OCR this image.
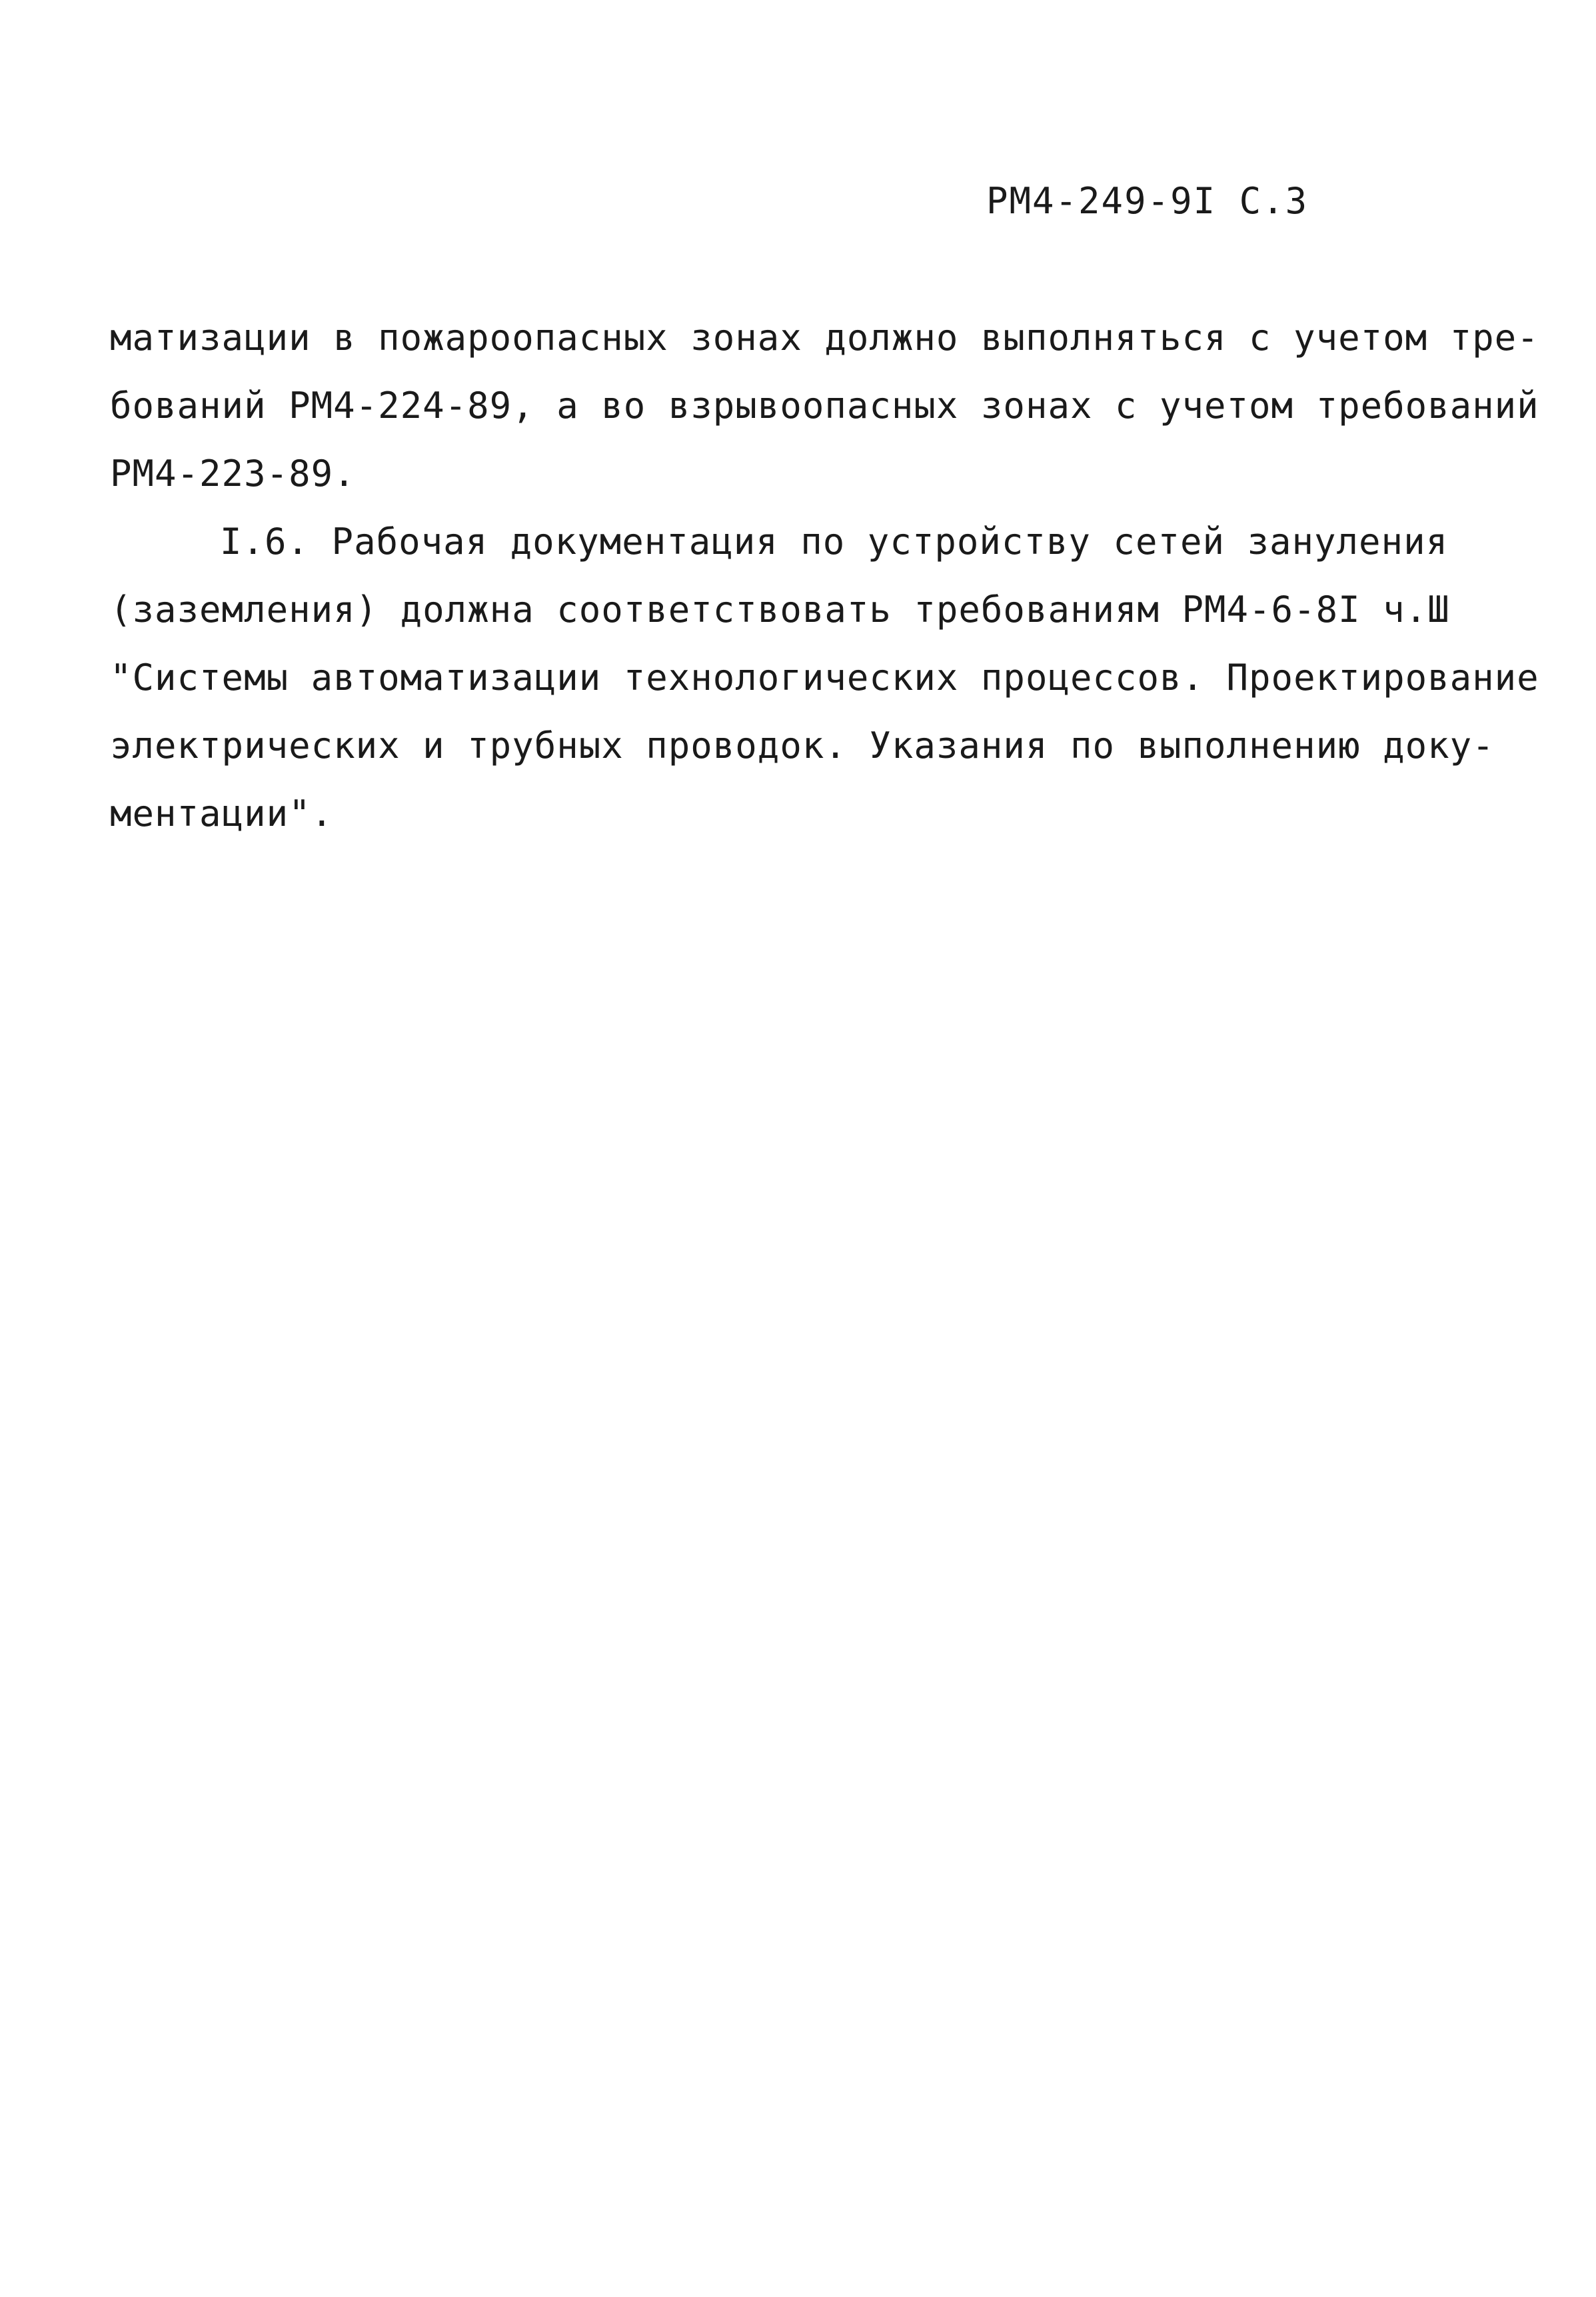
РМ4-249-9I С.3
матизации в пожароопасных зонах должно выполняться с учетом тре-
бований РМ4-224-89, а во взрывоопасных зонах с учетом требований
РМ4-223-89.
I.6. Рабочая документация по устройству сетей зануления
(заземления) должна соответствовать требованиям РМ4-6-8I ч.Ш
"Системы автоматизации технологических процессов. Проектирование
электрических и трубных проводок. Указания по выполнению доку-
ментации".
